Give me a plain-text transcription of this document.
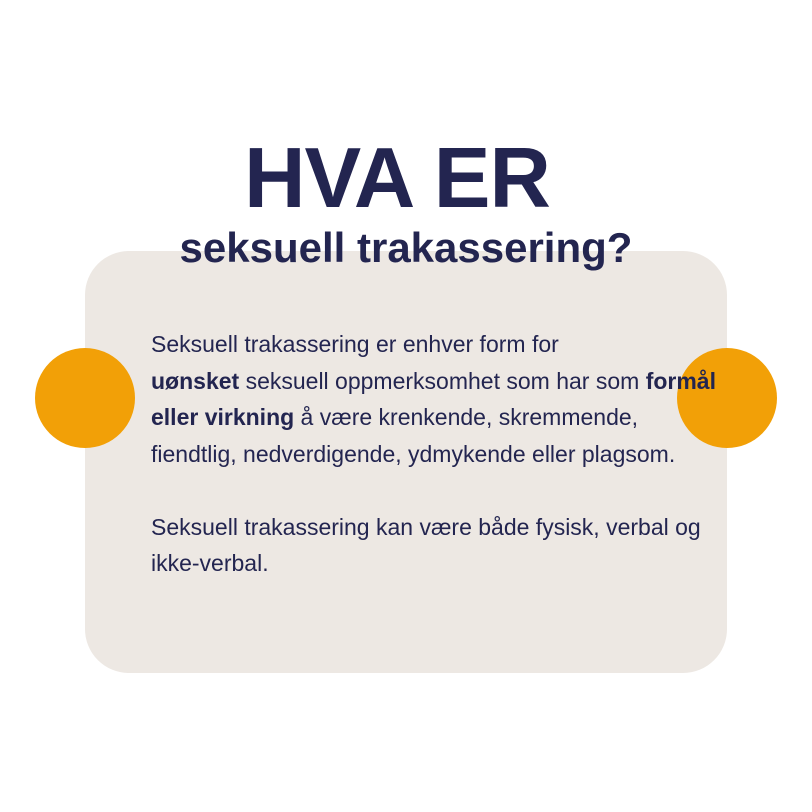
HVA ER
seksuell trakassering?

Seksuell trakassering er enhver form for
uønsket seksuell oppmerksomhet som har som formål eller virkning å være krenkende, skremmende, fiendtlig, nedverdigende, ydmykende eller plagsom.

Seksuell trakassering kan være både fysisk, verbal og ikke-verbal.
